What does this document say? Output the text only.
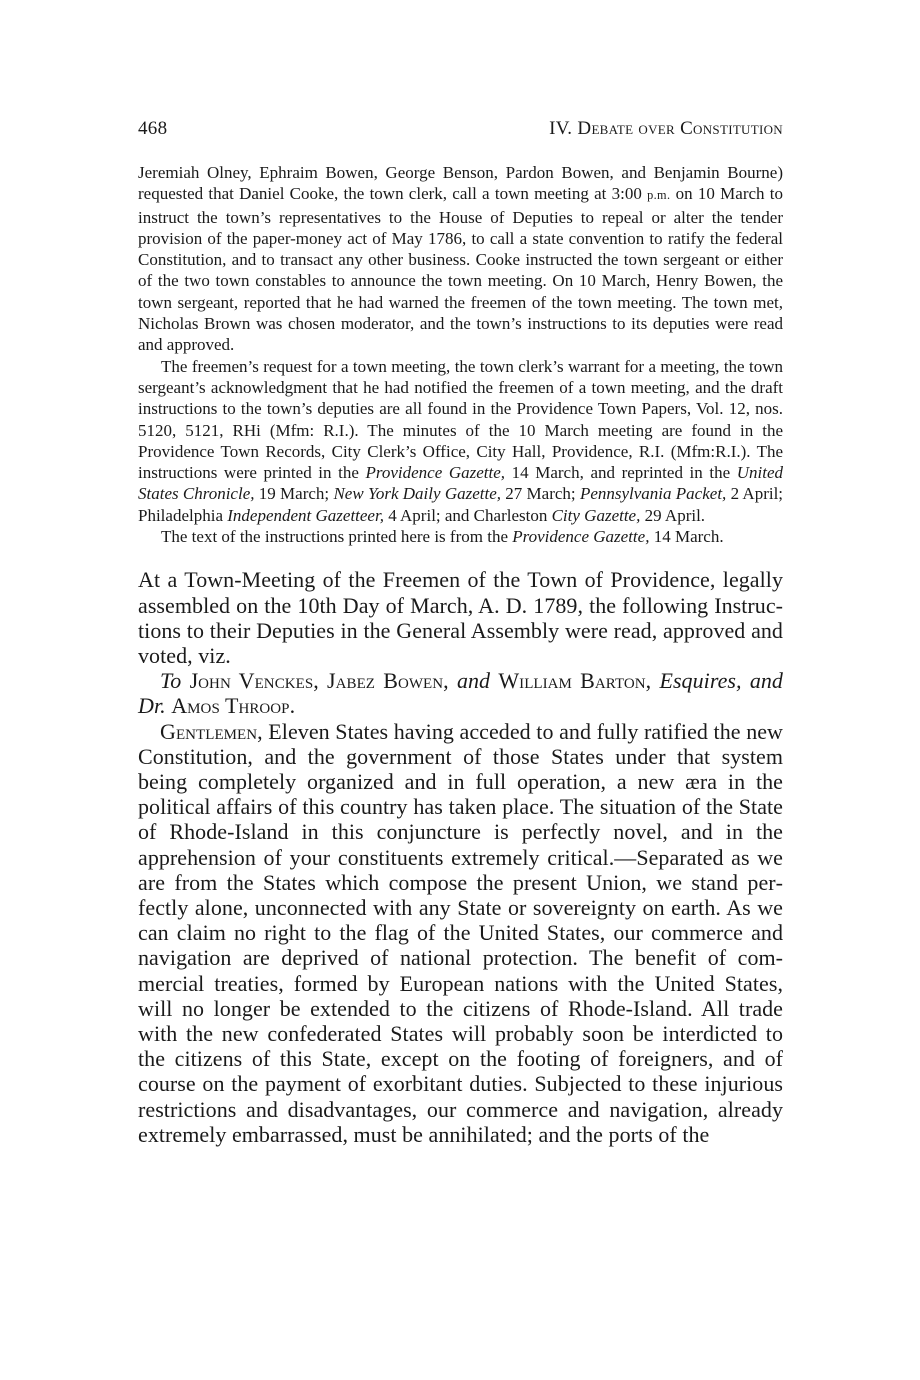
468	IV. Debate over Constitution

Jeremiah Olney, Ephraim Bowen, George Benson, Pardon Bowen, and Benjamin Bourne) requested that Daniel Cooke, the town clerk, call a town meeting at 3:00 p.m. on 10 March to instruct the town’s representatives to the House of Deputies to repeal or alter the tender provision of the paper-money act of May 1786, to call a state convention to ratify the federal Constitution, and to transact any other business. Cooke instructed the town sergeant or either of the two town constables to announce the town meeting. On 10 March, Henry Bowen, the town sergeant, reported that he had warned the freemen of the town meeting. The town met, Nicholas Brown was chosen moderator, and the town’s instructions to its deputies were read and approved.

The freemen’s request for a town meeting, the town clerk’s warrant for a meeting, the town sergeant’s acknowledgment that he had notified the freemen of a town meeting, and the draft instructions to the town’s deputies are all found in the Providence Town Papers, Vol. 12, nos. 5120, 5121, RHi (Mfm: R.I.). The minutes of the 10 March meeting are found in the Providence Town Records, City Clerk’s Office, City Hall, Providence, R.I. (Mfm:R.I.). The instructions were printed in the Providence Gazette, 14 March, and reprinted in the United States Chronicle, 19 March; New York Daily Gazette, 27 March; Pennsylvania Packet, 2 April; Philadelphia Independent Gazetteer, 4 April; and Charleston City Gazette, 29 April.

The text of the instructions printed here is from the Providence Gazette, 14 March.

At a Town-Meeting of the Freemen of the Town of Providence, legally assembled on the 10th Day of March, A. D. 1789, the following Instructions to their Deputies in the General Assembly were read, approved and voted, viz.

To John Venckes, Jabez Bowen, and William Barton, Esquires, and Dr. Amos Throop.

Gentlemen, Eleven States having acceded to and fully ratified the new Constitution, and the government of those States under that system being completely organized and in full operation, a new æra in the political affairs of this country has taken place. The situation of the State of Rhode-Island in this conjuncture is perfectly novel, and in the apprehension of your constituents extremely critical.—Separated as we are from the States which compose the present Union, we stand perfectly alone, unconnected with any State or sovereignty on earth. As we can claim no right to the flag of the United States, our commerce and navigation are deprived of national protection. The benefit of commercial treaties, formed by European nations with the United States, will no longer be extended to the citizens of Rhode-Island. All trade with the new confederated States will probably soon be interdicted to the citizens of this State, except on the footing of foreigners, and of course on the payment of exorbitant duties. Subjected to these injurious restrictions and disadvantages, our commerce and navigation, already extremely embarrassed, must be annihilated; and the ports of the
